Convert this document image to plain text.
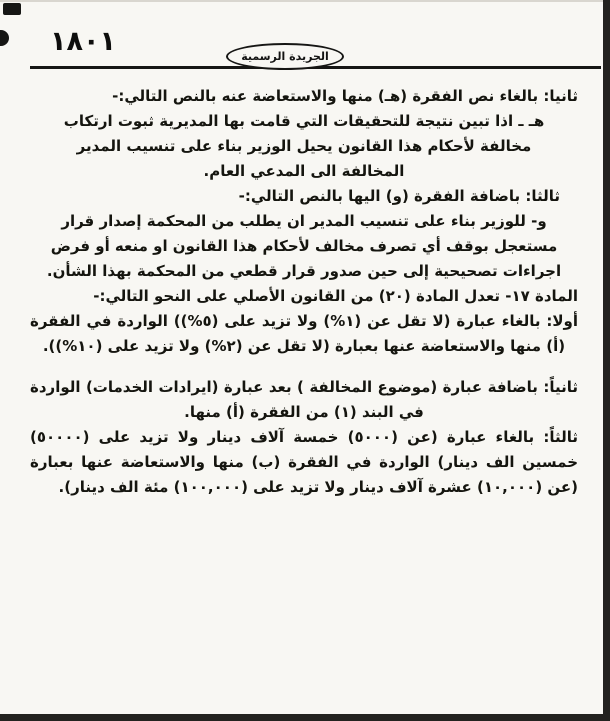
١٨٠١	الجريدة الرسمية

ثانيا: بالغاء نص الفقرة (هـ) منها والاستعاضة عنه بالنص التالي:-

هـ ـ اذا تبين نتيجة للتحقيقات التي قامت بها المديرية ثبوت ارتكاب مخالفة لأحكام هذا القانون يحيل الوزير بناء على تنسيب المدير المخالفة الى المدعي العام.

ثالثا: باضافة الفقرة (و) اليها بالنص التالي:-

و- للوزير بناء على تنسيب المدير ان يطلب من المحكمة إصدار قرار مستعجل بوقف أي تصرف مخالف لأحكام هذا القانون او منعه أو فرض اجراءات تصحيحية إلى حين صدور قرار قطعي من المحكمة بهذا الشأن.

المادة ١٧- تعدل المادة (٢٠) من القانون الأصلي على النحو التالي:-

أولا: بالغاء عبارة (لا تقل عن (١%) ولا تزيد على (٥%)) الواردة في الفقرة (أ) منها والاستعاضة عنها بعبارة (لا تقل عن (٢%) ولا تزيد على (١٠%)).

ثانياً: باضافة عبارة (موضوع المخالفة ) بعد عبارة (ايرادات الخدمات) الواردة في البند (١) من الفقرة (أ) منها.

ثالثاً: بالغاء عبارة (عن (٥٠٠٠) خمسة آلاف دينار ولا تزيد على (٥٠٠٠٠) خمسين الف دينار) الواردة في الفقرة (ب) منها والاستعاضة عنها بعبارة (عن (١٠,٠٠٠) عشرة آلاف دينار ولا تزيد على (١٠٠,٠٠٠) مئة الف دينار).
